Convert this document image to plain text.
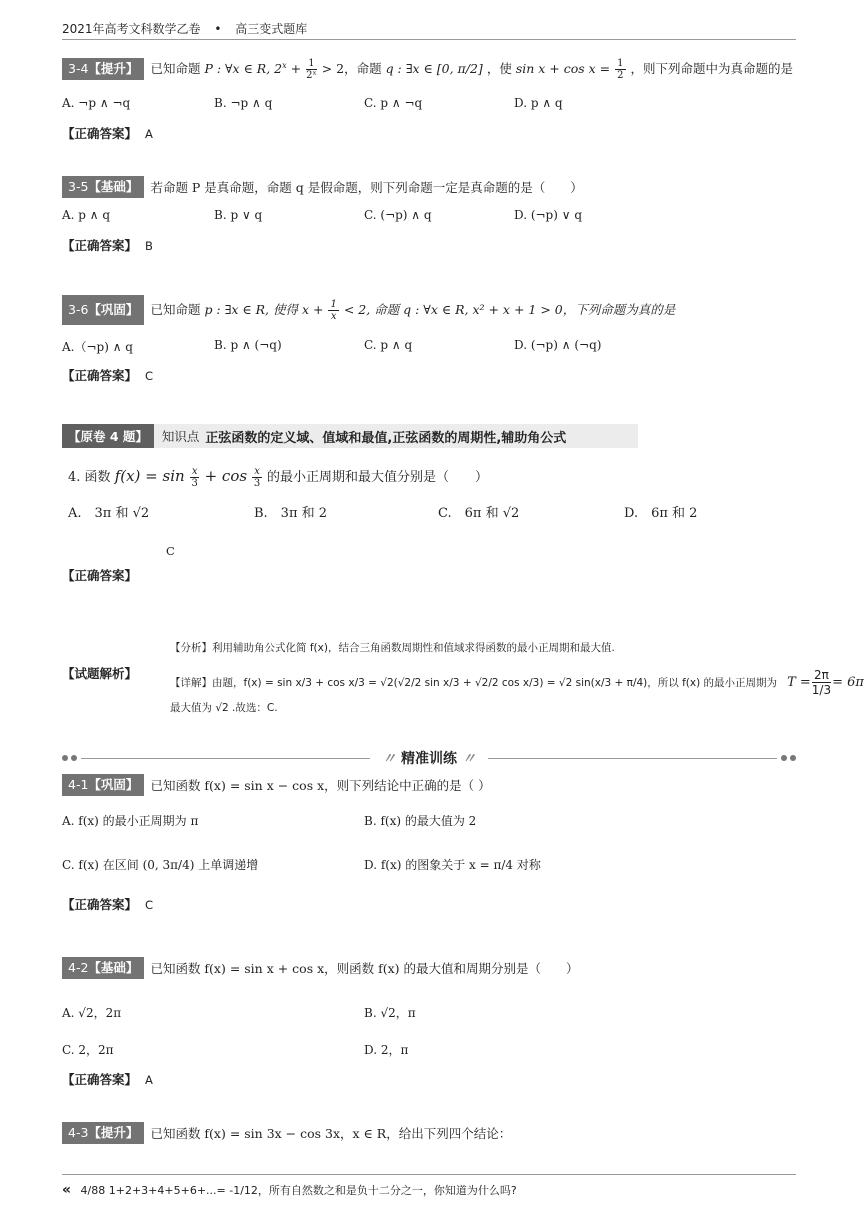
2021年高考文科数学乙卷 • 高三变式题库
3-4【提升】 已知命题 P : ∀x ∈ R, $2^x + \frac{1}{\text{2ˣ}} > 2$，命题 q : ∃x ∈ [0, π/2] ，使 $\sin x + \cos x = \frac{1}{2}$ ，则下列命题中为真命题的是
A. ¬p ∧ ¬q	B. ¬p ∧ q	C. p ∧ ¬q	D. p ∧ q
【正确答案】 A
3-5【基础】 若命题 P 是真命题，命题 q 是假命题，则下列命题一定是真命题的是（　　）
A. p ∧ q	B. p ∨ q	C. (¬p) ∧ q	D. (¬p) ∨ q
【正确答案】 B
3-6【巩固】 已知命题 p : ∃x ∈ R, 使得 $x + \frac{1}{x} < 2$, 命题 q : ∀x ∈ R, x² + x + 1 > 0，下列命题为真的是
A.（¬p) ∧ q	B. p ∧ (¬q)	C. p ∧ q	D. (¬p) ∧ (¬q)
【正确答案】 C
【原卷 4 题】	知识点 正弦函数的定义域、值域和最值,正弦函数的周期性,辅助角公式
4. 函数 $f(x) = \sin \frac{x}{3} + \cos \frac{x}{3}$ 的最小正周期和最大值分别是（　　）
A.　3π 和 √2	B.　3π 和 2	C.　6π 和 √2	D.　6π 和 2
C
【正确答案】
【试题解析】
【分析】利用辅助角公式化简 f(x)，结合三角函数周期性和值域求得函数的最小正周期和最大值.
【详解】由题，f(x) = sin x/3 + cos x/3 = √2(√2/2 sin x/3 + √2/2 cos x/3) = √2 sin(x/3 + π/4)，所以 f(x) 的最小正周期为 $T = \frac{2\pi}{1/3} = 6\pi$
最大值为 √2 .故选：C.
〃 精准训练 〃
4-1【巩固】 已知函数 f(x) = sin x − cos x，则下列结论中正确的是（ ）
A. f(x) 的最小正周期为 π	B. f(x) 的最大值为 2
C. f(x) 在区间 (0, 3π/4) 上单调递增	D. f(x) 的图象关于 x = π/4 对称
【正确答案】 C
4-2【基础】 已知函数 f(x) = sin x + cos x，则函数 f(x) 的最大值和周期分别是（　　）
A. √2，2π	B. √2，π
C. 2，2π	D. 2，π
【正确答案】 A
4-3【提升】 已知函数 f(x) = sin 3x − cos 3x，x ∈ R，给出下列四个结论：
« 4/88 1+2+3+4+5+6+...= -1/12，所有自然数之和是负十二分之一，你知道为什么吗?
